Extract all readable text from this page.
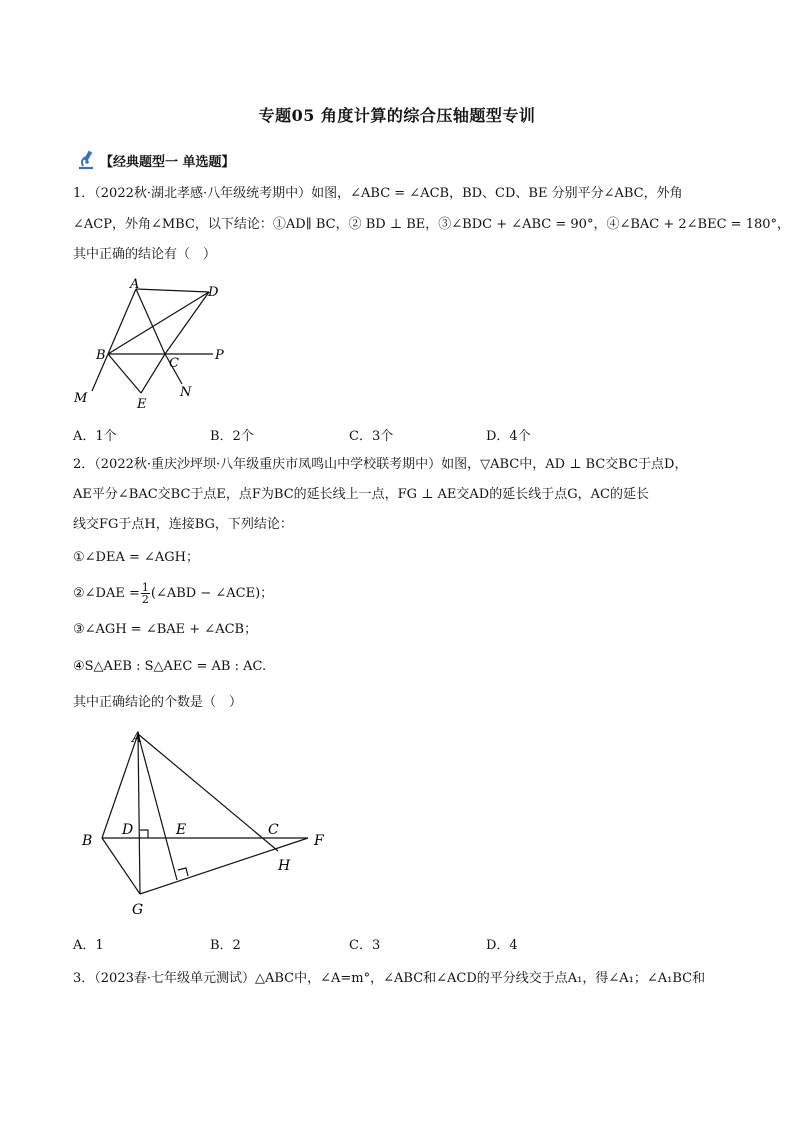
专题05 角度计算的综合压轴题型专训
【经典题型一 单选题】
1．（2022秋·湖北孝感·八年级统考期中）如图，∠ABC = ∠ACB，BD、CD、BE 分别平分∠ABC，外角
∠ACP，外角∠MBC，以下结论：①AD∥ BC，② BD ⊥ BE，③∠BDC + ∠ABC = 90°，④∠BAC + 2∠BEC = 180°，
其中正确的结论有（　）
A
D
B
C
P
M	E
N
A．1个	B．2个	C．3个	D．4个
2．（2022秋·重庆沙坪坝·八年级重庆市凤鸣山中学校联考期中）如图，▽ABC中，AD ⊥ BC交BC于点D，
AE平分∠BAC交BC于点E，点F为BC的延长线上一点，FG ⊥ AE交AD的延长线于点G，AC的延长
线交FG于点H，连接BG，下列结论：
①∠DEA = ∠AGH；
②∠DAE = $\frac{1}{2}$ (∠ABD − ∠ACE)；
③∠AGH = ∠BAE + ∠ACB；
④S△AEB : S△AEC = AB : AC.
其中正确结论的个数是（　）
A
B
D	E	C
F
H
G
A．1	B．2	C．3	D．4
3．（2023春·七年级单元测试）△ABC中，∠A=m°，∠ABC和∠ACD的平分线交于点A₁，得∠A₁；∠A₁BC和
